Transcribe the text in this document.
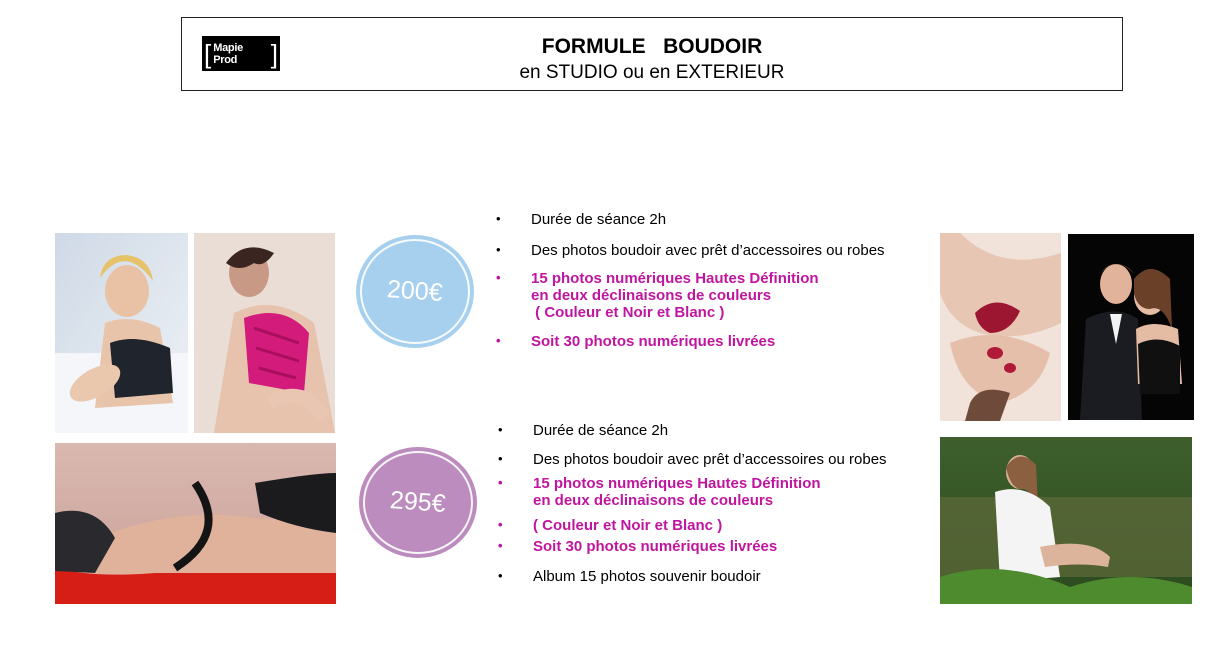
[ Mapie Prod	]	FORMULE   BOUDOIR
en STUDIO ou en EXTERIEUR
200€
295€
• Durée de séance 2h
• Des photos boudoir avec prêt d’accessoires ou robes
• 15 photos numériques Hautes Définition
en deux déclinaisons de couleurs
( Couleur et Noir et Blanc )
• Soit 30 photos numériques livrées
• Durée de séance 2h
• Des photos boudoir avec prêt d’accessoires ou robes
• 15 photos numériques Hautes Définition
en deux déclinaisons de couleurs
• ( Couleur et Noir et Blanc )
• Soit 30 photos numériques livrées
• Album 15 photos souvenir boudoir
